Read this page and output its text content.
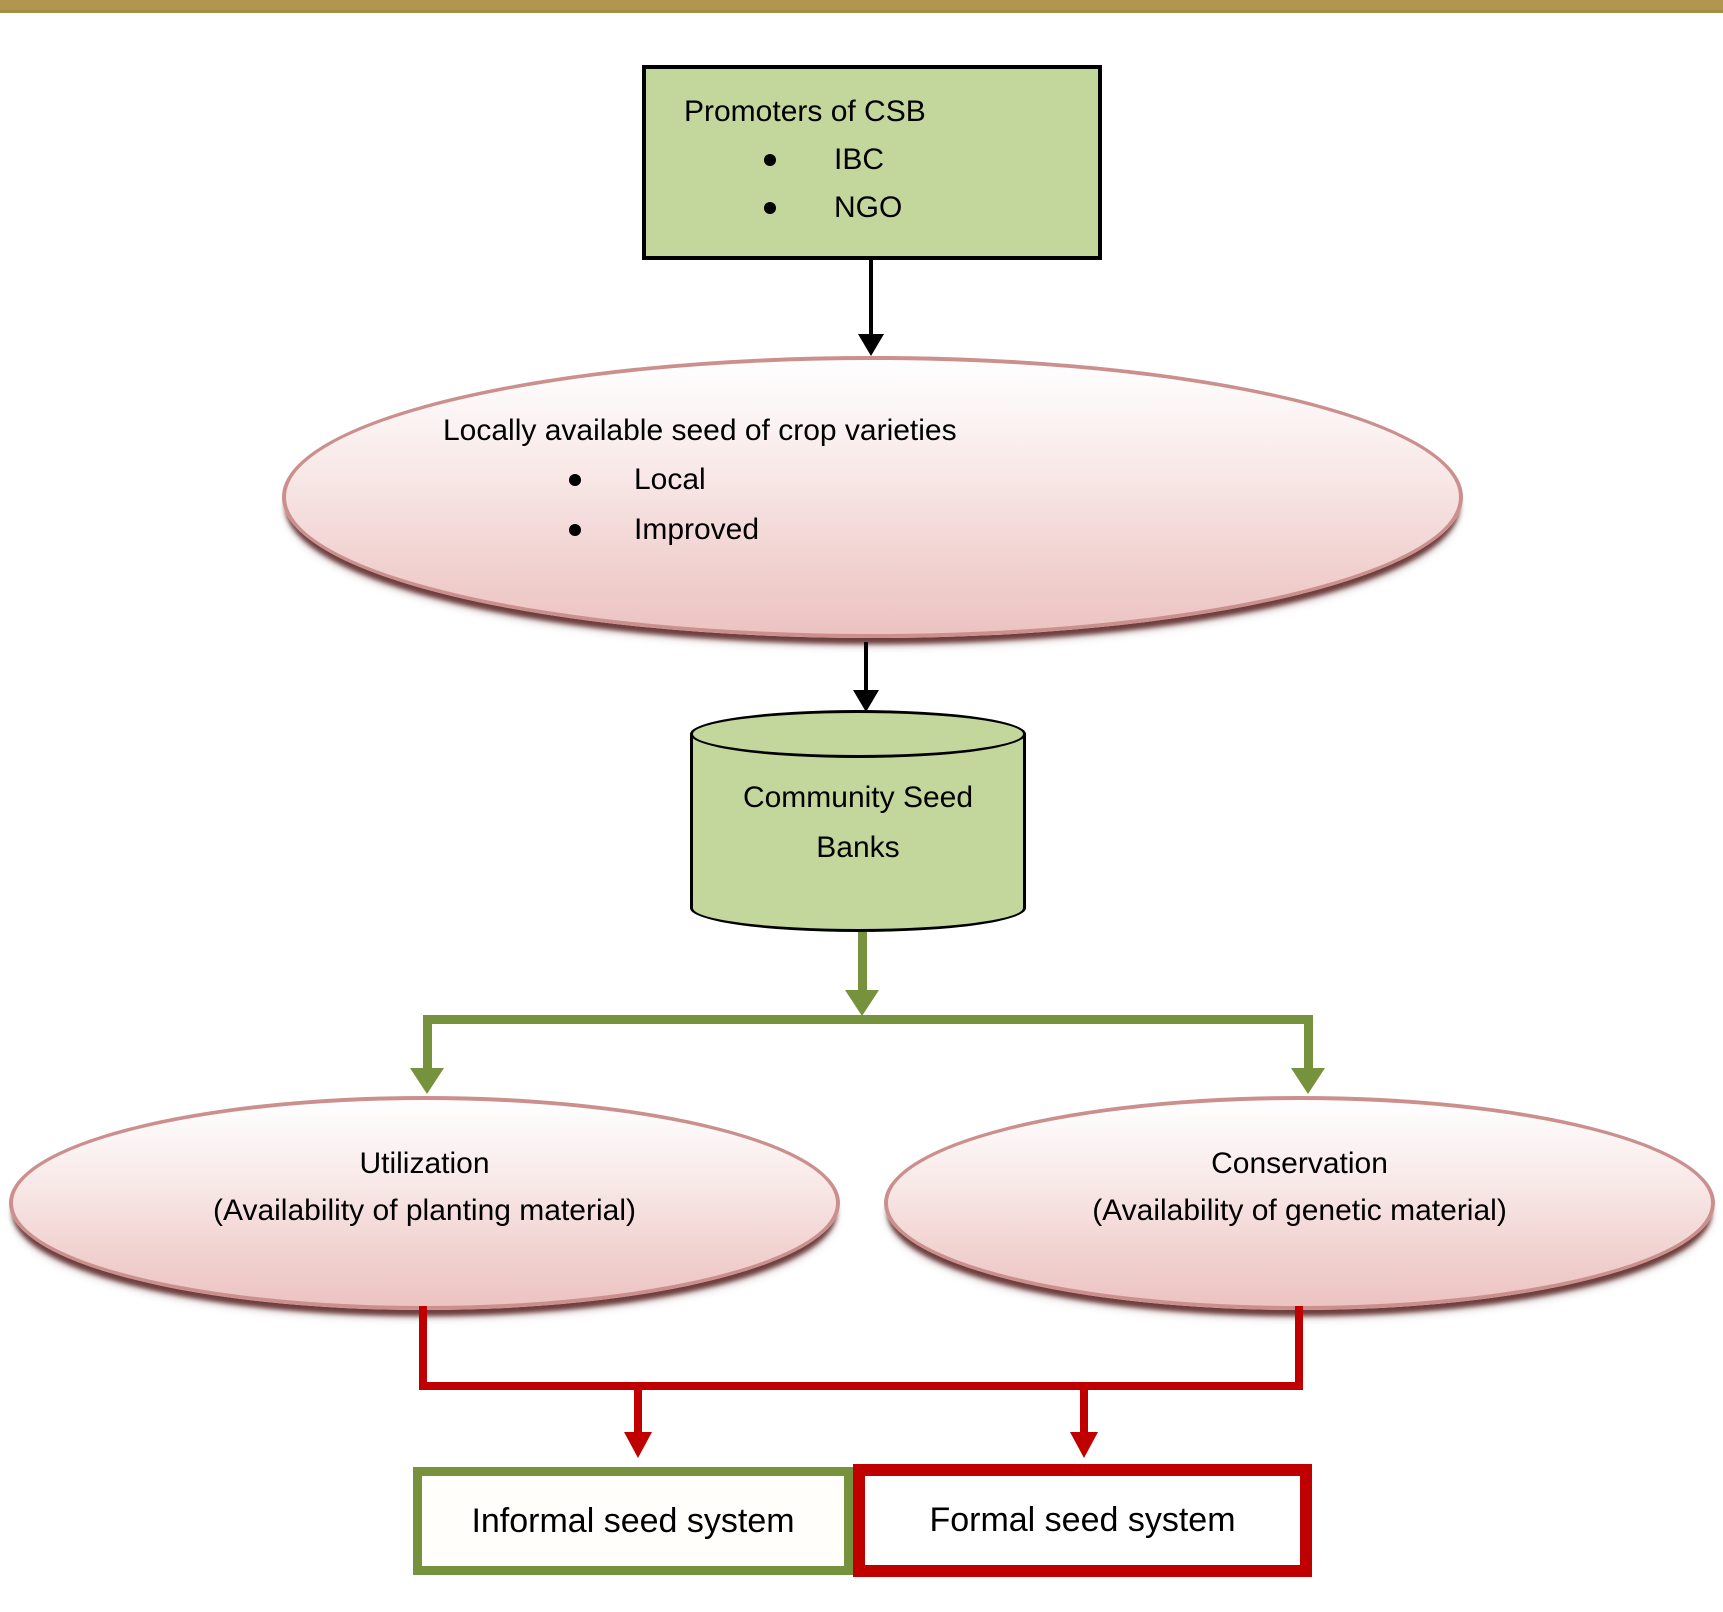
Promoters of CSB
IBC
NGO
Locally available seed of crop varieties
Local
Improved
Community Seed
Banks
Utilization
(Availability of planting material)
Conservation
(Availability of genetic material)
Informal seed system	Formal seed system
